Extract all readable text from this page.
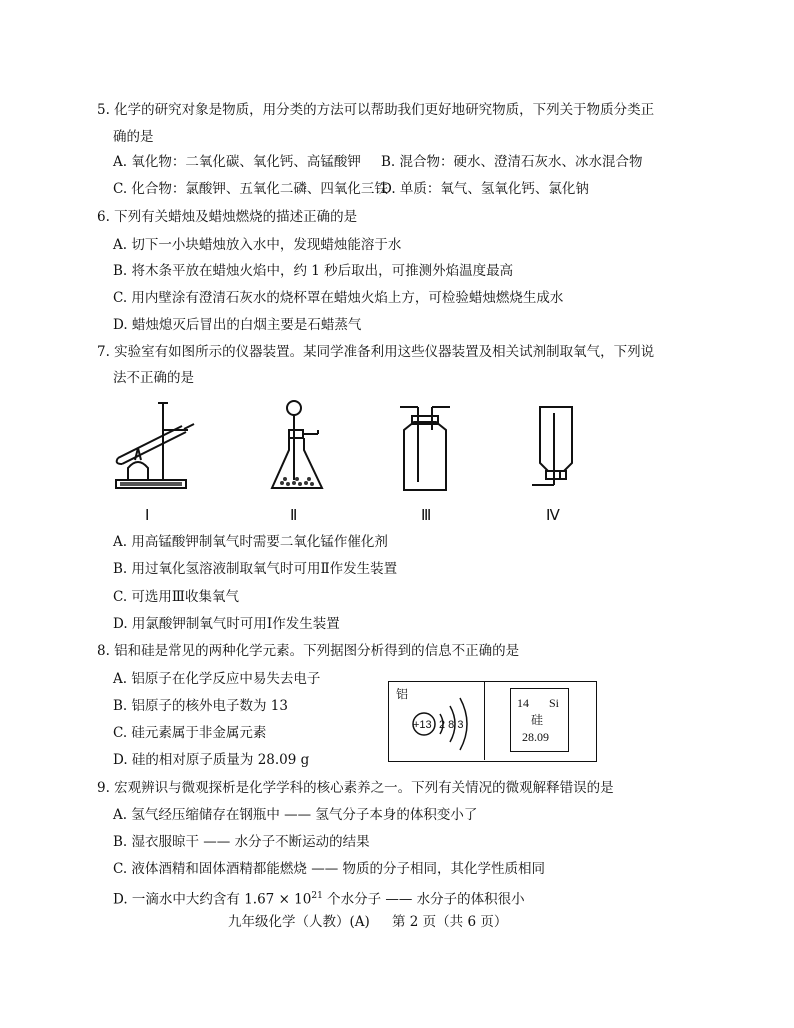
5. 化学的研究对象是物质，用分类的方法可以帮助我们更好地研究物质，下列关于物质分类正
确的是
A. 氧化物：二氧化碳、氧化钙、高锰酸钾 B. 混合物：硬水、澄清石灰水、冰水混合物
C. 化合物：氯酸钾、五氧化二磷、四氧化三铁
D. 单质：氧气、氢氧化钙、氯化钠
6. 下列有关蜡烛及蜡烛燃烧的描述正确的是
A. 切下一小块蜡烛放入水中，发现蜡烛能溶于水
B. 将木条平放在蜡烛火焰中，约 1 秒后取出，可推测外焰温度最高
C. 用内壁涂有澄清石灰水的烧杯罩在蜡烛火焰上方，可检验蜡烛燃烧生成水
D. 蜡烛熄灭后冒出的白烟主要是石蜡蒸气
7. 实验室有如图所示的仪器装置。某同学准备利用这些仪器装置及相关试剂制取氧气，下列说
法不正确的是
Ⅰ	Ⅱ	Ⅲ	Ⅳ
A. 用高锰酸钾制氧气时需要二氧化锰作催化剂
B. 用过氧化氢溶液制取氧气时可用Ⅱ作发生装置
C. 可选用Ⅲ收集氧气
D. 用氯酸钾制氧气时可用Ⅰ作发生装置
8. 铝和硅是常见的两种化学元素。下列据图分析得到的信息不正确的是
A. 铝原子在化学反应中易失去电子
B. 铝原子的核外电子数为 13
C. 硅元素属于非金属元素
D. 硅的相对原子质量为 28.09 g
铝
+13 2 8 3
14 Si
硅
28.09
9. 宏观辨识与微观探析是化学学科的核心素养之一。下列有关情况的微观解释错误的是
A. 氢气经压缩储存在钢瓶中 —— 氢气分子本身的体积变小了
B. 湿衣服晾干 —— 水分子不断运动的结果
C. 液体酒精和固体酒精都能燃烧 —— 物质的分子相同，其化学性质相同
D. 一滴水中大约含有 $1.67 \times 10^{21}$ 个水分子 —— 水分子的体积很小
九年级化学（人教）(A) 第 2 页（共 6 页）
